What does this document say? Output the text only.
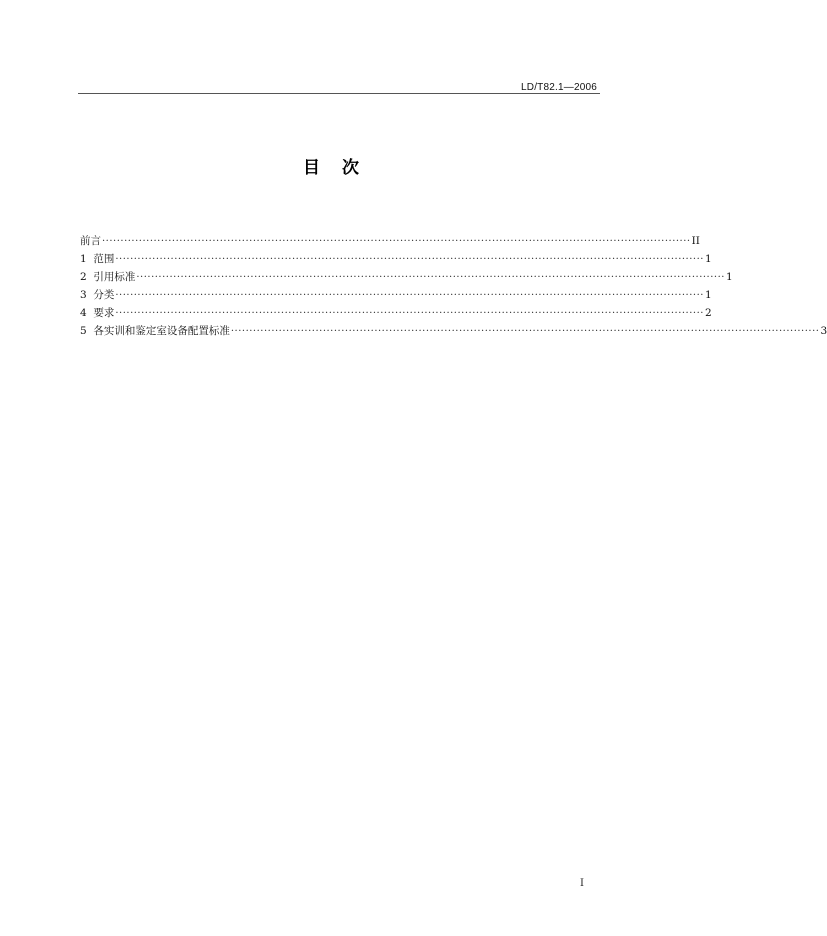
LD/T82.1—2006
目 次
前言 ································································································································································ II
1 范围 ································································································································································ 1
2 引用标准 ································································································································································ 1
3 分类 ································································································································································ 1
4 要求 ································································································································································ 2
5 各实训和鉴定室设备配置标准 ································································································································································ 3
I
